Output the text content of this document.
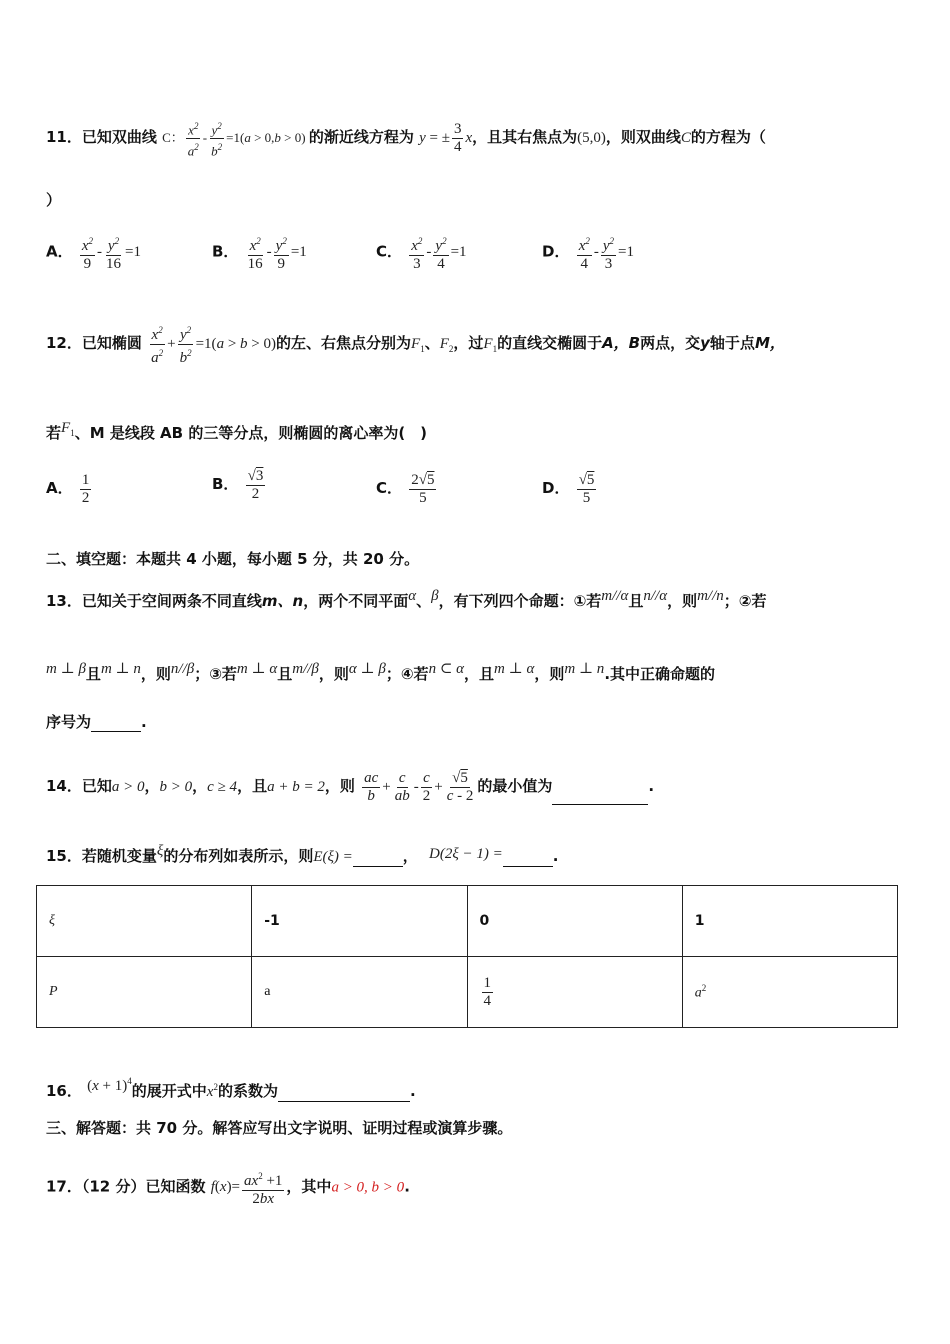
11．已知双曲线 C： $\frac{x^2}{a^2} - \frac{y^2}{b^2} =1(a > 0,b > 0)$ 的渐近线方程为 y = ± $\frac{3}{4}$ x，且其右焦点为(5,0)，则双曲线C的方程为（
）
A． $\frac{x^2}{9} - \frac{y^2}{16} =1$	B． $\frac{x^2}{16} - \frac{y^2}{9} =1$	C． $\frac{x^2}{3} - \frac{y^2}{4} =1$	D． $\frac{x^2}{4} - \frac{y^2}{3} =1$
12．已知椭圆 $\frac{x^2}{a^2} + \frac{y^2}{b^2} =1(a > b > 0)$的左、右焦点分别为$F_1$、$F_2$，过$F_1$的直线交椭圆于A，B两点，交y轴于点M，
若$F_1$、M 是线段 AB 的三等分点，则椭圆的离心率为(　)
A． $\frac{1}{2}$	B． $\frac{√3}{2}$	C． $\frac{2√5}{5}$	D． $\frac{√5}{5}$
二、填空题：本题共 4 小题，每小题 5 分，共 20 分。
13．已知关于空间两条不同直线m、n，两个不同平面α、β，有下列四个命题：①若m//α且n//α，则m//n；②若
m ⊥ β且m ⊥ n，则n//β；③若m ⊥ α且m//β，则α ⊥ β；④若n ⊂ α，且m ⊥ α，则m ⊥ n.其中正确命题的
序号为	.
14．已知a > 0，b > 0，c ≥ 4，且a + b = 2，则 $\frac{ac}{b} + \frac{c}{ab} - \frac{c}{2} + \frac{√5}{c - 2}$ 的最小值为	.
15．若随机变量ξ的分布列如表所示，则E(ξ) =	， D(2ξ − 1) =	.
ξ	-1	0	1
P	a	$\frac{1}{4}$	$a^2$
16． $(x + 1)^4$的展开式中$x^2$的系数为	.
三、解答题：共 70 分。解答应写出文字说明、证明过程或演算步骤。
17．（12 分）已知函数 $f(x)= \frac{ax^2 +1}{2bx}$ ，其中a > 0, b > 0.
